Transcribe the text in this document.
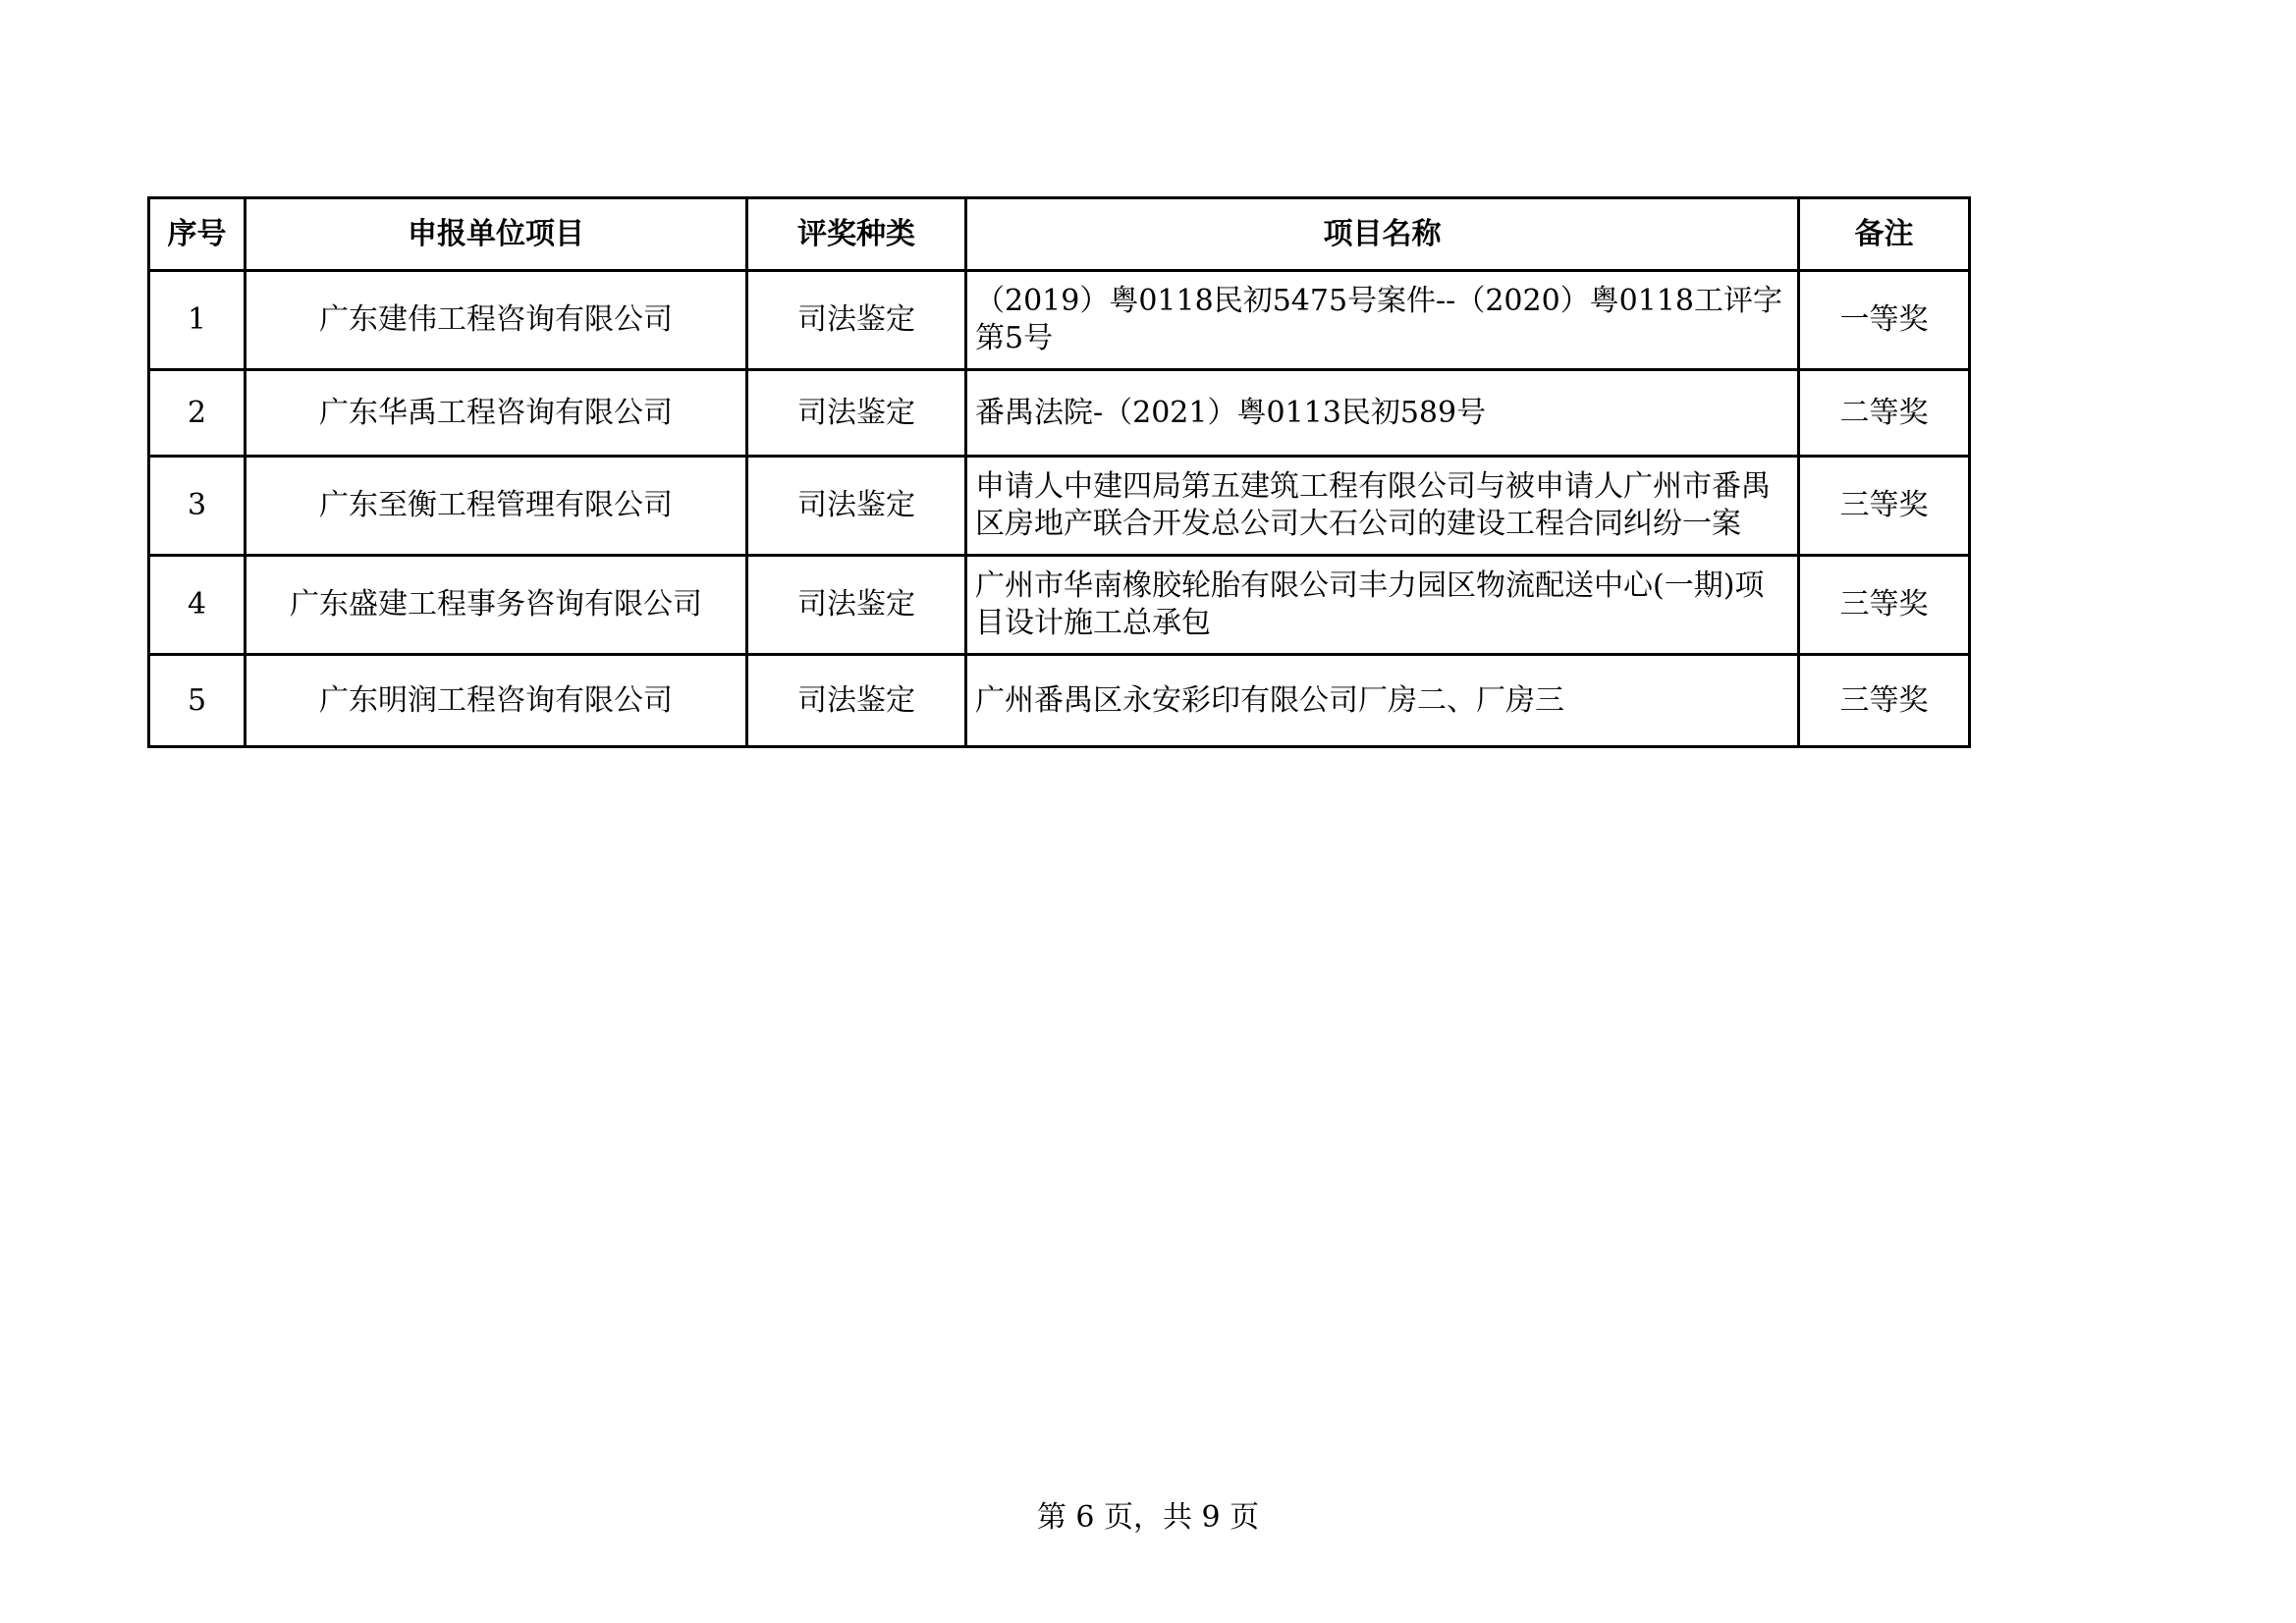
序号	申报单位项目	评奖种类	项目名称	备注
1	广东建伟工程咨询有限公司	司法鉴定	（2019）粤0118民初5475号案件--（2020）粤0118工评字第5号	一等奖
2	广东华禹工程咨询有限公司	司法鉴定	番禺法院-（2021）粤0113民初589号	二等奖
3	广东至衡工程管理有限公司	司法鉴定	申请人中建四局第五建筑工程有限公司与被申请人广州市番禺区房地产联合开发总公司大石公司的建设工程合同纠纷一案	三等奖
4	广东盛建工程事务咨询有限公司	司法鉴定	广州市华南橡胶轮胎有限公司丰力园区物流配送中心(一期)项目设计施工总承包	三等奖
5	广东明润工程咨询有限公司	司法鉴定	广州番禺区永安彩印有限公司厂房二、厂房三	三等奖
第 6 页，共 9 页
